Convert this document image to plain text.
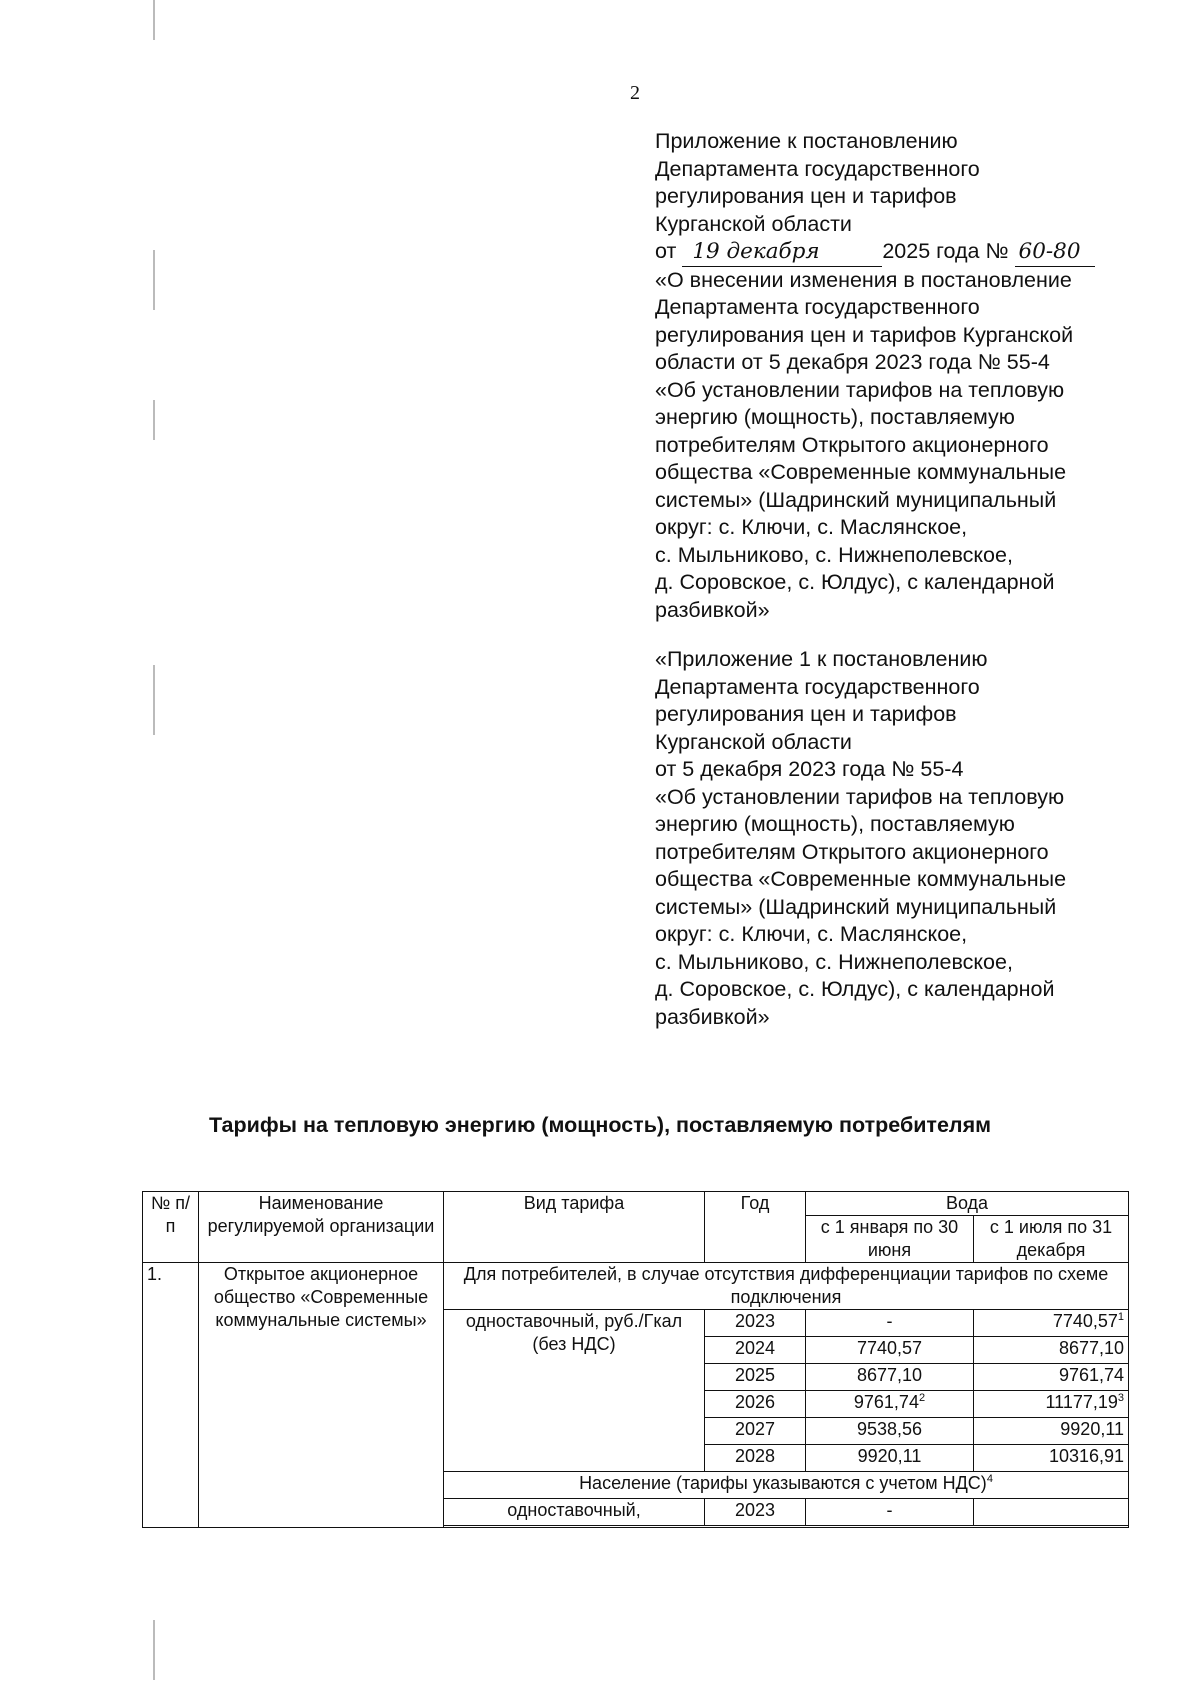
2
Приложение к постановлению
Департамента государственного
регулирования цен и тарифов
Курганской области
от 19 декабря	2025 года № 60-80
«О внесении изменения в постановление
Департамента государственного
регулирования цен и тарифов Курганской
области от 5 декабря 2023 года № 55-4
«Об установлении тарифов на тепловую
энергию (мощность), поставляемую
потребителям Открытого акционерного
общества «Современные коммунальные
системы» (Шадринский муниципальный
округ: с. Ключи, с. Маслянское,
с. Мыльниково, с. Нижнеполевское,
д. Соровское, с. Юлдус), с календарной
разбивкой»
«Приложение 1 к постановлению
Департамента государственного
регулирования цен и тарифов
Курганской области
от 5 декабря 2023 года № 55-4
«Об установлении тарифов на тепловую
энергию (мощность), поставляемую
потребителям Открытого акционерного
общества «Современные коммунальные
системы» (Шадринский муниципальный
округ: с. Ключи, с. Маслянское,
с. Мыльниково, с. Нижнеполевское,
д. Соровское, с. Юлдус), с календарной
разбивкой»
Тарифы на тепловую энергию (мощность), поставляемую потребителям
№ п/п	Наименование регулируемой организации	Вид тарифа	Год	Вода	
				с 1 января по 30 июня	с 1 июля по 31 декабря
1.	Открытое акционерное общество «Современные коммунальные системы»	Для потребителей, в случае отсутствия дифференциации тарифов по схеме подключения			
		одноставочный, руб./Гкал (без НДС)	2023	-	7740,57$^1$
			2024	7740,57	8677,10
			2025	8677,10	9761,74
			2026	9761,74$^2$	11177,19$^3$
			2027	9538,56	9920,11
			2028	9920,11	10316,91
		Население (тарифы указываются с учетом НДС)$^4$
		одноставочный,	2023	-	
